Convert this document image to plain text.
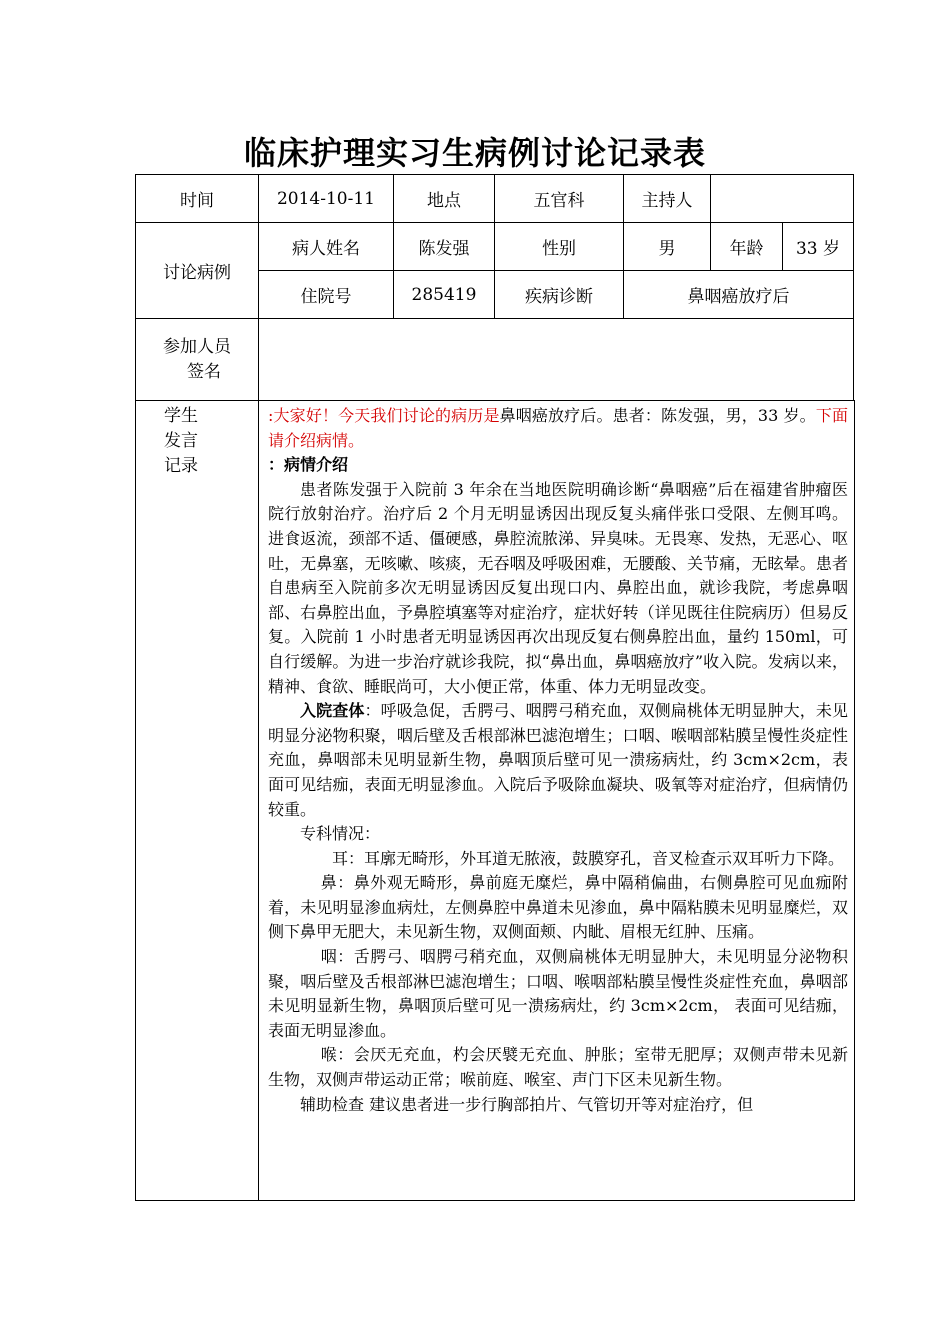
临床护理实习生病例讨论记录表
时间	2014-10-11	地点	五官科	主持人		
讨论病例	病人姓名	陈发强	性别	男	年龄	33 岁
	住院号	285419	疾病诊断	鼻咽癌放疗后		

参加人员
签名						

学生
发言
记录

:大家好！今天我们讨论的病历是鼻咽癌放疗后。患者：陈发强，男，33 岁。下面请介绍病情。

：病情介绍

患者陈发强于入院前 3 年余在当地医院明确诊断“鼻咽癌”后在福建省肿瘤医院行放射治疗。治疗后 2 个月无明显诱因出现反复头痛伴张口受限、左侧耳鸣。进食返流，颈部不适、僵硬感，鼻腔流脓涕、异臭味。无畏寒、发热，无恶心、呕吐，无鼻塞，无咳嗽、咳痰，无吞咽及呼吸困难，无腰酸、关节痛，无眩晕。患者自患病至入院前多次无明显诱因反复出现口内、鼻腔出血，就诊我院，考虑鼻咽部、右鼻腔出血，予鼻腔填塞等对症治疗，症状好转（详见既往住院病历）但易反复。入院前 1 小时患者无明显诱因再次出现反复右侧鼻腔出血，量约 150ml，可自行缓解。为进一步治疗就诊我院，拟“鼻出血，鼻咽癌放疗”收入院。发病以来，精神、食欲、睡眠尚可，大小便正常，体重、体力无明显改变。

入院查体：呼吸急促，舌腭弓、咽腭弓稍充血，双侧扁桃体无明显肿大，未见明显分泌物积聚，咽后壁及舌根部淋巴滤泡增生；口咽、喉咽部粘膜呈慢性炎症性充血，鼻咽部未见明显新生物，鼻咽顶后壁可见一溃疡病灶，约 3cm×2cm，表面可见结痂，表面无明显渗血。入院后予吸除血凝块、吸氧等对症治疗，但病情仍较重。

专科情况：

耳：耳廓无畸形，外耳道无脓液，鼓膜穿孔，音叉检查示双耳听力下降。

鼻：鼻外观无畸形，鼻前庭无糜烂，鼻中隔稍偏曲，右侧鼻腔可见血痂附着，未见明显渗血病灶，左侧鼻腔中鼻道未见渗血，鼻中隔粘膜未见明显糜烂，双侧下鼻甲无肥大，未见新生物，双侧面颊、内眦、眉根无红肿、压痛。

咽：舌腭弓、咽腭弓稍充血，双侧扁桃体无明显肿大，未见明显分泌物积聚，咽后壁及舌根部淋巴滤泡增生；口咽、喉咽部粘膜呈慢性炎症性充血，鼻咽部未见明显新生物，鼻咽顶后壁可见一溃疡病灶，约 3cm×2cm， 表面可见结痂， 表面无明显渗血。

喉：会厌无充血，杓会厌襞无充血、肿胀；室带无肥厚；双侧声带未见新生物，双侧声带运动正常；喉前庭、喉室、声门下区未见新生物。

辅助检查 建议患者进一步行胸部拍片、气管切开等对症治疗，但
